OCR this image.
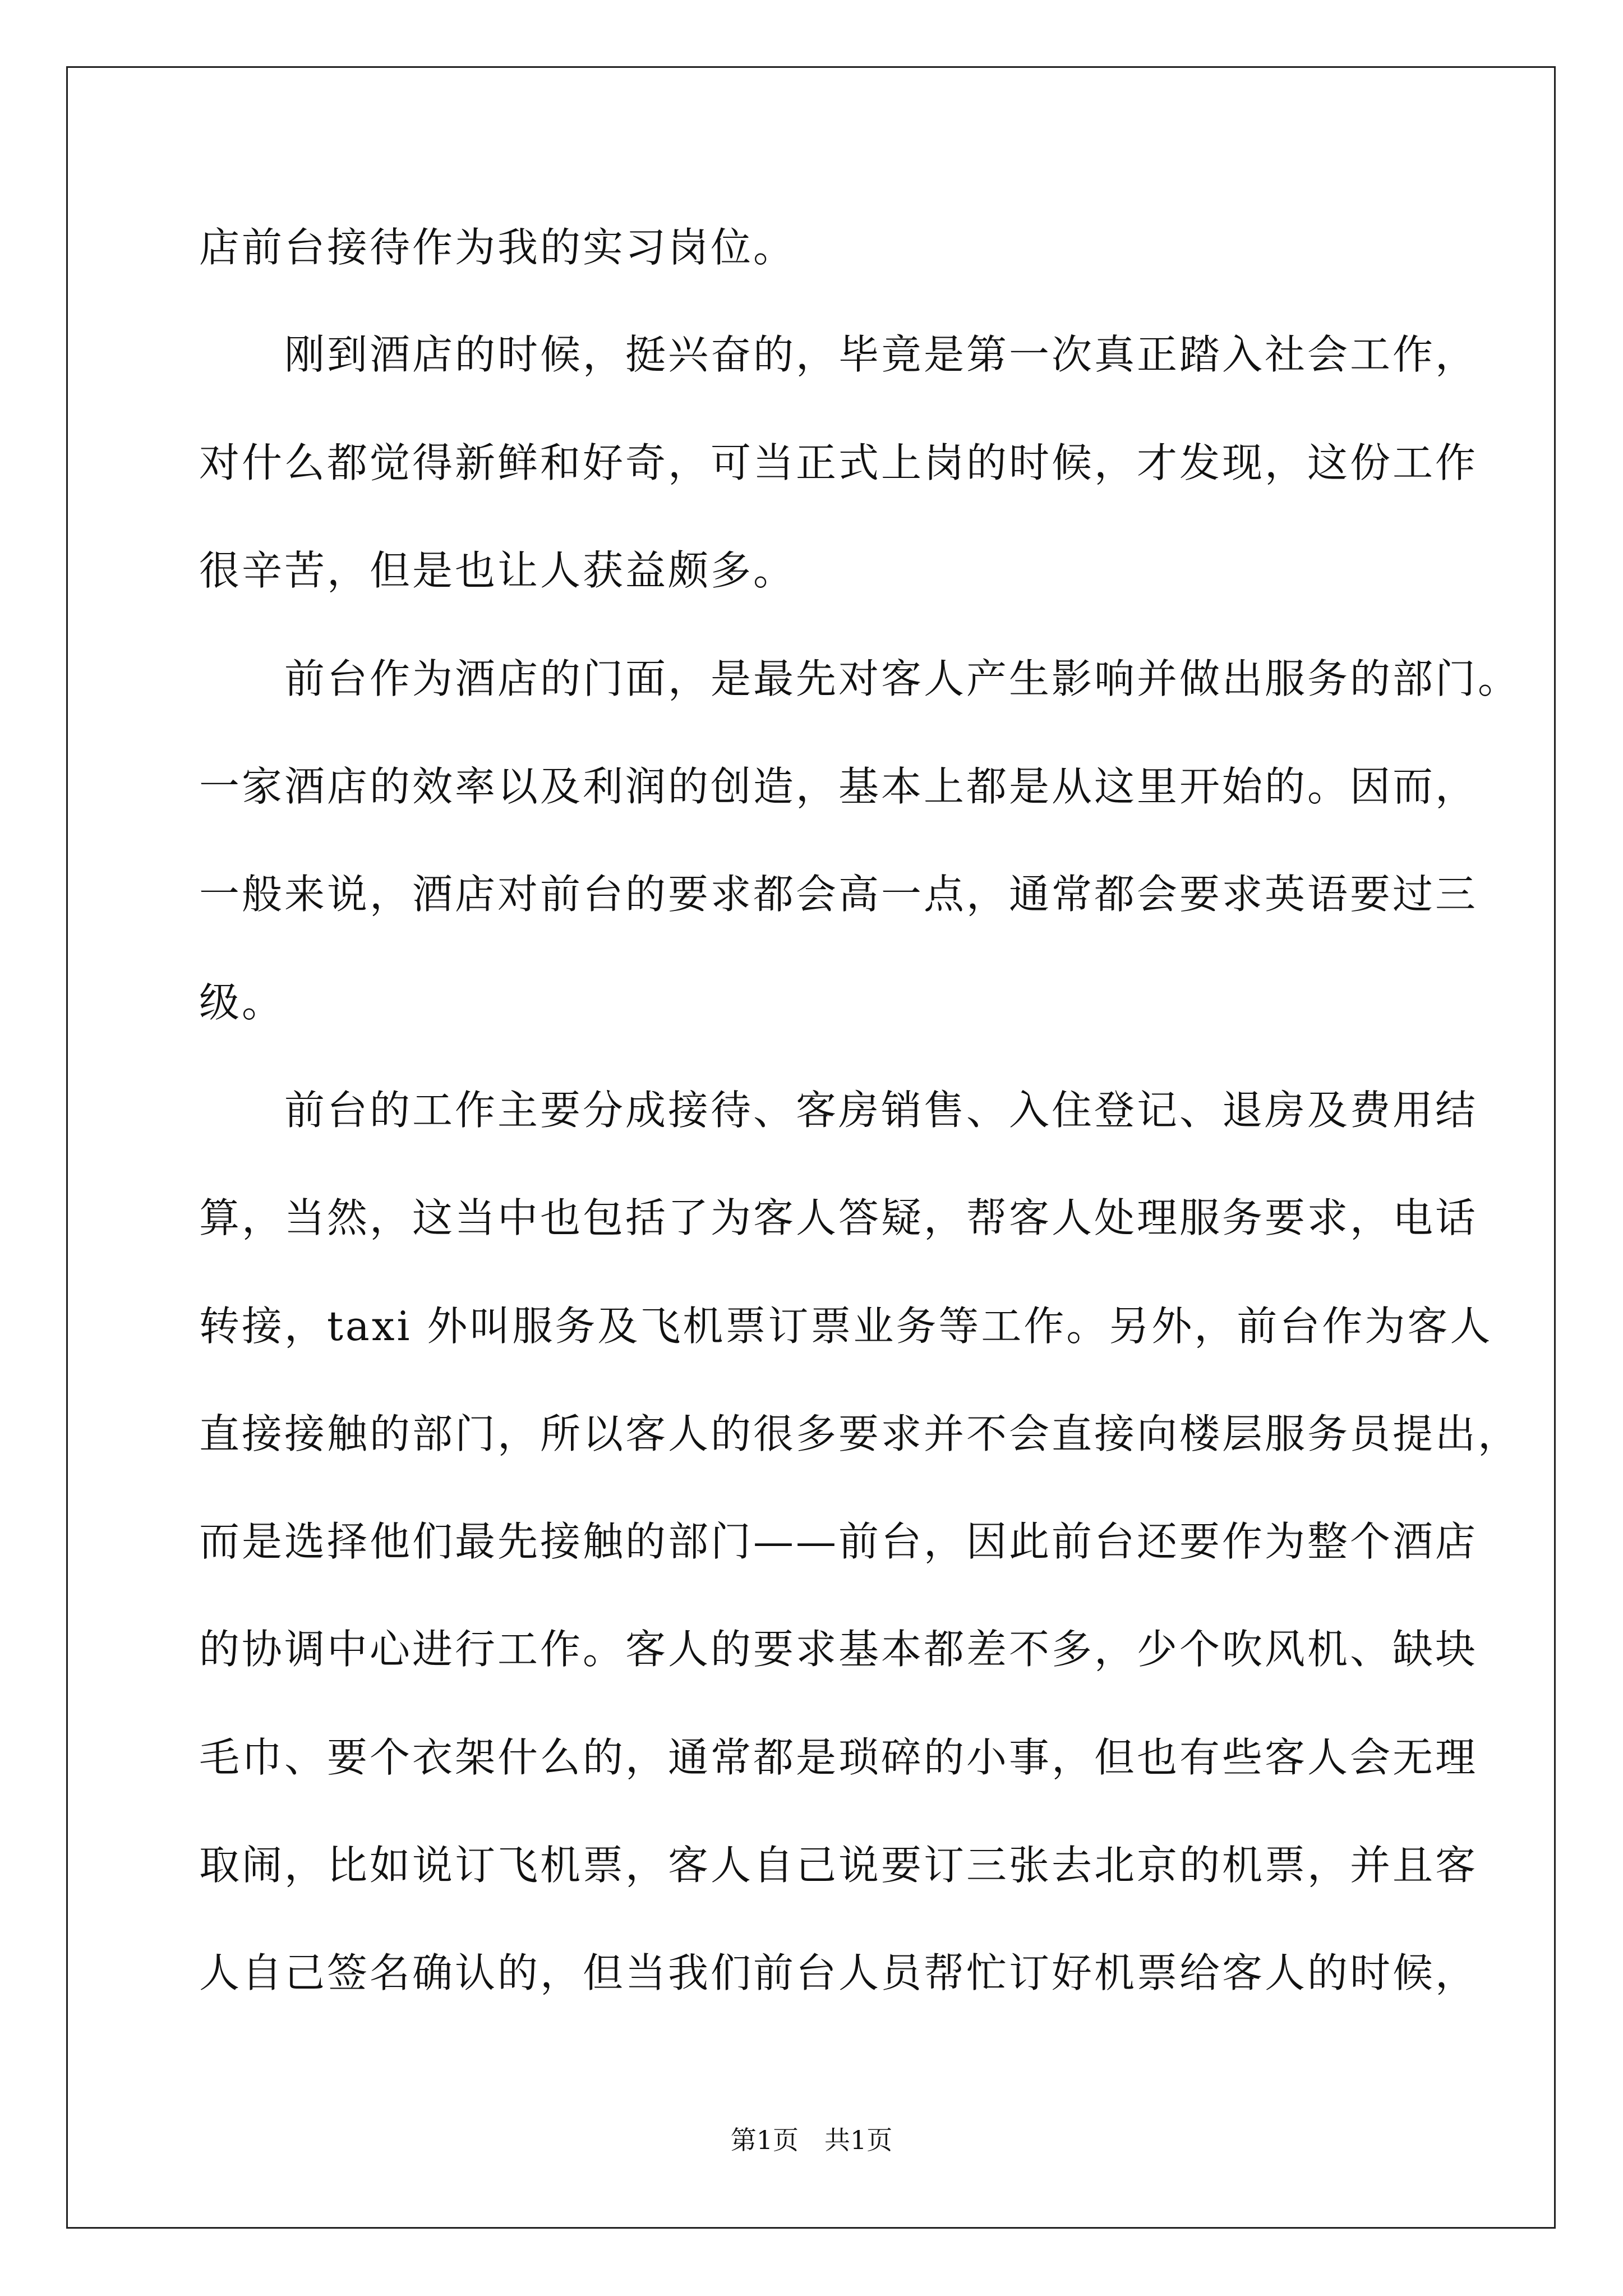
店前台接待作为我的实习岗位。
　　刚到酒店的时候，挺兴奋的，毕竟是第一次真正踏入社会工作，
对什么都觉得新鲜和好奇，可当正式上岗的时候，才发现，这份工作
很辛苦，但是也让人获益颇多。
　　前台作为酒店的门面，是最先对客人产生影响并做出服务的部门。
一家酒店的效率以及利润的创造，基本上都是从这里开始的。因而，
一般来说，酒店对前台的要求都会高一点，通常都会要求英语要过三
级。
　　前台的工作主要分成接待、客房销售、入住登记、退房及费用结
算，当然，这当中也包括了为客人答疑，帮客人处理服务要求，电话
转接，taxi 外叫服务及飞机票订票业务等工作。另外，前台作为客人
直接接触的部门，所以客人的很多要求并不会直接向楼层服务员提出，
而是选择他们最先接触的部门——前台，因此前台还要作为整个酒店
的协调中心进行工作。客人的要求基本都差不多，少个吹风机、缺块
毛巾、要个衣架什么的，通常都是琐碎的小事，但也有些客人会无理
取闹，比如说订飞机票，客人自己说要订三张去北京的机票，并且客
人自己签名确认的，但当我们前台人员帮忙订好机票给客人的时候，
第1页　共1页
